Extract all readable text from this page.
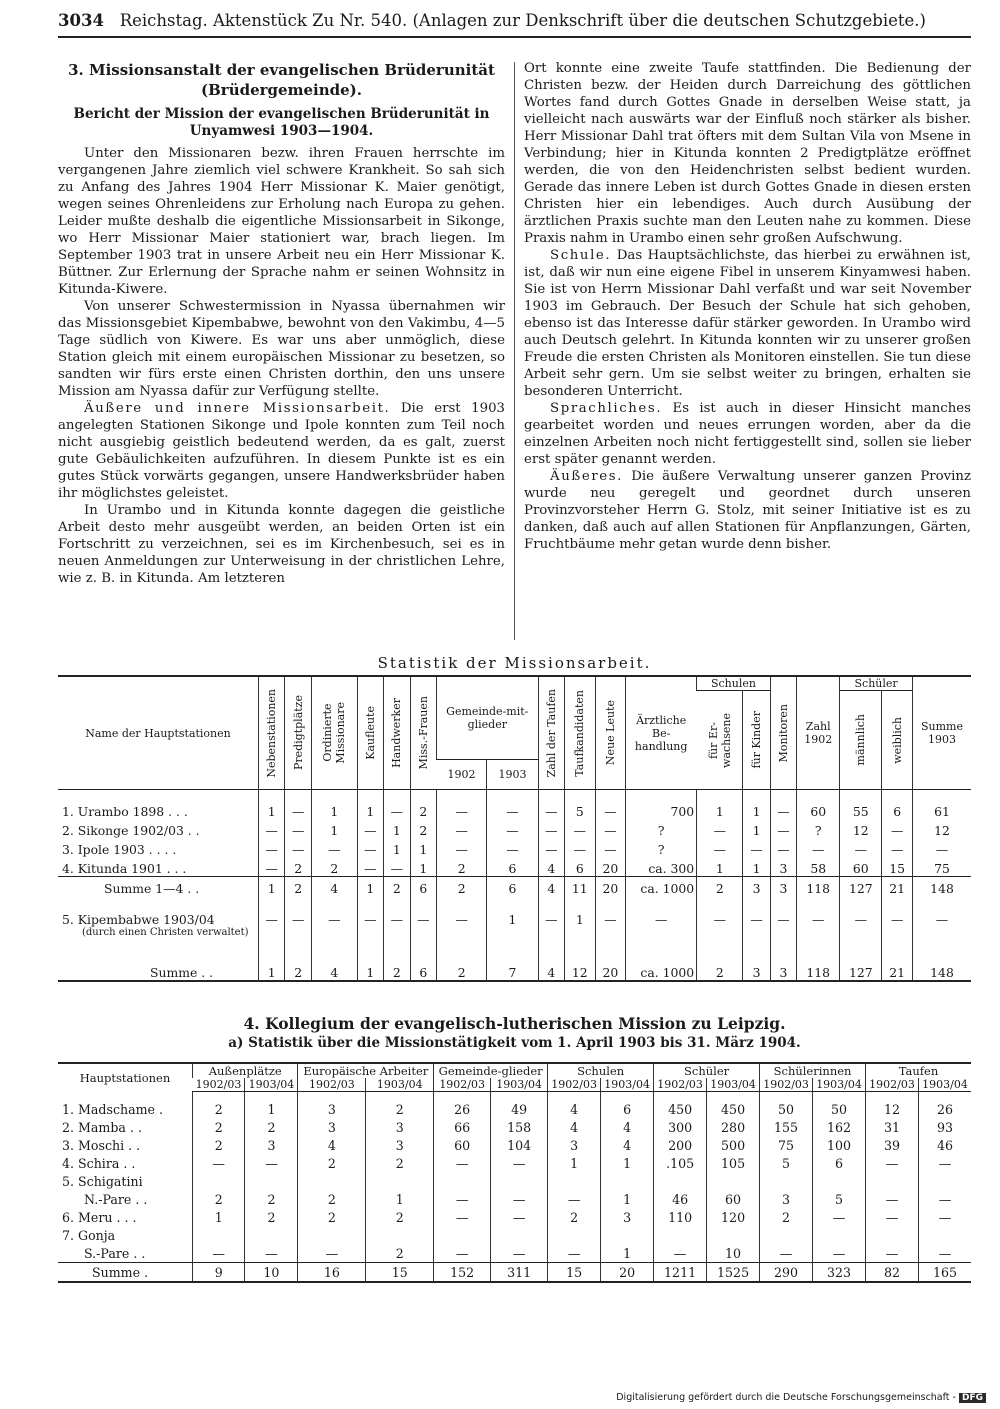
3034 Reichstag. Aktenstück Zu Nr. 540. (Anlagen zur Denkschrift über die deutschen Schutzgebiete.)
3. Missionsanstalt der evangelischen Brüderunität (Brüdergemeinde).
Bericht der Mission der evangelischen Brüderunität in Unyamwesi 1903—1904.

Unter den Missionaren bezw. ihren Frauen herrschte im vergangenen Jahre ziemlich viel schwere Krankheit. So sah sich zu Anfang des Jahres 1904 Herr Missionar K. Maier genötigt, wegen seines Ohrenleidens zur Erholung nach Europa zu gehen. Leider mußte deshalb die eigentliche Missionsarbeit in Sikonge, wo Herr Missionar Maier stationiert war, brach liegen. Im September 1903 trat in unsere Arbeit neu ein Herr Missionar K. Büttner. Zur Erlernung der Sprache nahm er seinen Wohnsitz in Kitunda-Kiwere.

Von unserer Schwestermission in Nyassa übernahmen wir das Missionsgebiet Kipembabwe, bewohnt von den Vakimbu, 4—5 Tage südlich von Kiwere. Es war uns aber unmöglich, diese Station gleich mit einem europäischen Missionar zu besetzen, so sandten wir fürs erste einen Christen dorthin, den uns unsere Mission am Nyassa dafür zur Verfügung stellte.

Äußere und innere Missionsarbeit. Die erst 1903 angelegten Stationen Sikonge und Ipole konnten zum Teil noch nicht ausgiebig geistlich bedeutend werden, da es galt, zuerst gute Gebäulichkeiten aufzuführen. In diesem Punkte ist es ein gutes Stück vorwärts gegangen, unsere Handwerksbrüder haben ihr möglichstes geleistet.

In Urambo und in Kitunda konnte dagegen die geistliche Arbeit desto mehr ausgeübt werden, an beiden Orten ist ein Fortschritt zu verzeichnen, sei es im Kirchenbesuch, sei es in neuen Anmeldungen zur Unterweisung in der christlichen Lehre, wie z. B. in Kitunda. Am letzteren

Ort konnte eine zweite Taufe stattfinden. Die Bedienung der Christen bezw. der Heiden durch Darreichung des göttlichen Wortes fand durch Gottes Gnade in derselben Weise statt, ja vielleicht nach auswärts war der Einfluß noch stärker als bisher. Herr Missionar Dahl trat öfters mit dem Sultan Vila von Msene in Verbindung; hier in Kitunda konnten 2 Predigtplätze eröffnet werden, die von den Heidenchristen selbst bedient wurden. Gerade das innere Leben ist durch Gottes Gnade in diesen ersten Christen hier ein lebendiges. Auch durch Ausübung der ärztlichen Praxis suchte man den Leuten nahe zu kommen. Diese Praxis nahm in Urambo einen sehr großen Aufschwung.

Schule. Das Hauptsächlichste, das hierbei zu erwähnen ist, ist, daß wir nun eine eigene Fibel in unserem Kinyamwesi haben. Sie ist von Herrn Missionar Dahl verfaßt und war seit November 1903 im Gebrauch. Der Besuch der Schule hat sich gehoben, ebenso ist das Interesse dafür stärker geworden. In Urambo wird auch Deutsch gelehrt. In Kitunda konnten wir zu unserer großen Freude die ersten Christen als Monitoren einstellen. Sie tun diese Arbeit sehr gern. Um sie selbst weiter zu bringen, erhalten sie besonderen Unterricht.

Sprachliches. Es ist auch in dieser Hinsicht manches gearbeitet worden und neues errungen worden, aber da die einzelnen Arbeiten noch nicht fertiggestellt sind, sollen sie lieber erst später genannt werden.

Äußeres. Die äußere Verwaltung unserer ganzen Provinz wurde neu geregelt und geordnet durch unseren Provinzvorsteher Herrn G. Stolz, mit seiner Initiative ist es zu danken, daß auch auf allen Stationen für Anpflanzungen, Gärten, Fruchtbäume mehr getan wurde denn bisher.

Statistik der Missionsarbeit.
Name der Hauptstationen	Nebenstationen	Predigtplätze	Ordinierte
Missionare	Kaufleute	Handwerker	Miss.-Frauen	Gemeinde-mit-glieder		Zahl der Taufen	Taufkandidaten	Neue Leute	Ärztliche Be-handlung	Schulen		Monitoren	Zahl
1902	Schüler		Summe
1903

													für Er-
wachsene	für Kinder			männlich	weiblich	

							1902	1903											
1. Urambo 1898 . . .	1	—	1	1	—	2	—	—	—	5	—	700	1	1	—	60	55	6	61
2. Sikonge 1902/03 . .	—	—	1	—	1	2	—	—	—	—	—	?	—	1	—	?	12	—	12
3. Ipole 1903 . . . .	—	—	—	—	1	1	—	—	—	—	—	?	—	—	—	—	—	—	—
4. Kitunda 1901 . . .	—	2	2	—	—	1	2	6	4	6	20	ca. 300	1	1	3	58	60	15	75
Summe 1—4 . .	1	2	4	1	2	6	2	6	4	11	20	ca. 1000	2	3	3	118	127	21	148
5. Kipembabwe 1903/04	—	—	—	—	—	—	—	1	—	1	—	—	—	—	—	—	—	—	—
(durch einen Christen verwaltet)																			
Summe . .	1	2	4	1	2	6	2	7	4	12	20	ca. 1000	2	3	3	118	127	21	148
4. Kollegium der evangelisch-lutherischen Mission zu Leipzig.
a) Statistik über die Missionstätigkeit vom 1. April 1903 bis 31. März 1904.
Hauptstationen	Außenplätze		Europäische Arbeiter		Gemeinde-glieder		Schulen		Schüler		Schülerinnen		Taufen	
	1902/03	1903/04	1902/03	1903/04	1902/03	1903/04	1902/03	1903/04	1902/03	1903/04	1902/03	1903/04	1902/03	1903/04

1. Madschame .	2	1	3	2	26	49	4	6	450	450	50	50	12	26
2. Mamba . .	2	2	3	3	66	158	4	4	300	280	155	162	31	93
3. Moschi . .	2	3	4	3	60	104	3	4	200	500	75	100	39	46
4. Schira . .	—	—	2	2	—	—	1	1	.105	105	5	6	—	—
5. Schigatini														
N.-Pare . .	2	2	2	1	—	—	—	1	46	60	3	5	—	—
6. Meru . . .	1	2	2	2	—	—	2	3	110	120	2	—	—	—
7. Gonja														
S.-Pare . .	—	—	—	2	—	—	—	1	—	10	—	—	—	—
Summe .	9	10	16	15	152	311	15	20	1211	1525	290	323	82	165
Digitalisierung gefördert durch die Deutsche Forschungsgemeinschaft - DFG
